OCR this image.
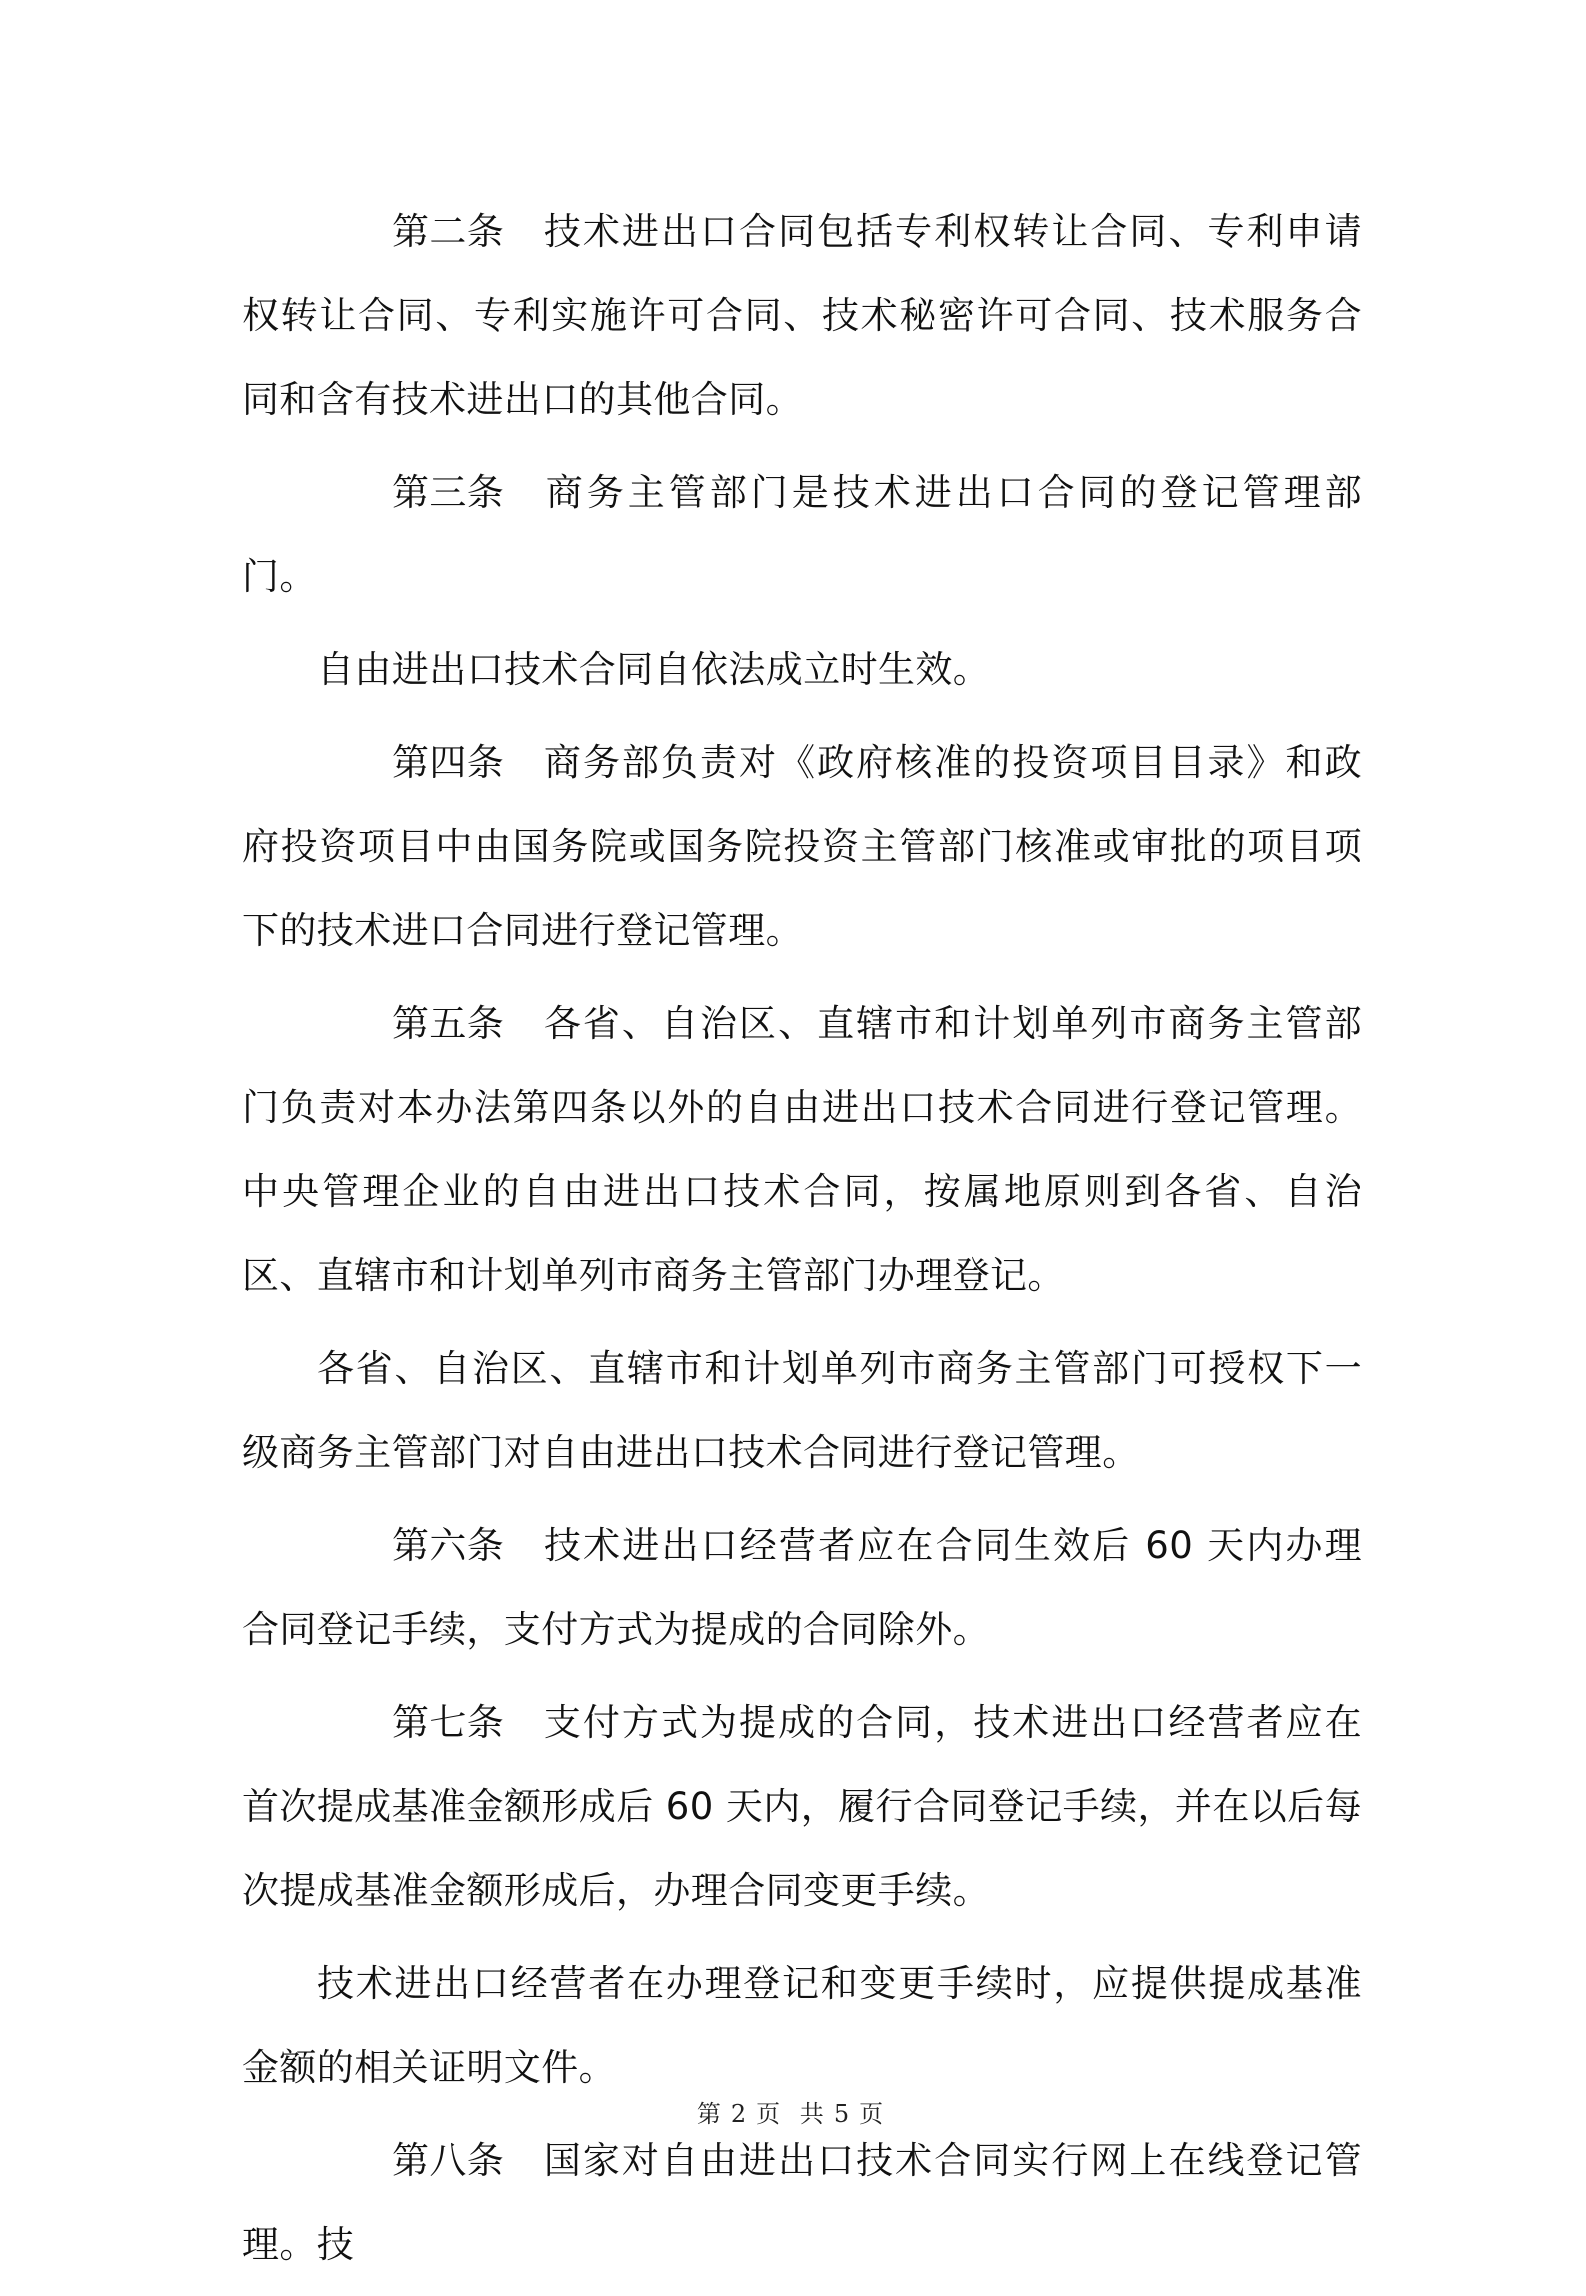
第二条 技术进出口合同包括专利权转让合同、专利申请权转让合同、专利实施许可合同、技术秘密许可合同、技术服务合同和含有技术进出口的其他合同。

第三条 商务主管部门是技术进出口合同的登记管理部门。

自由进出口技术合同自依法成立时生效。

第四条 商务部负责对《政府核准的投资项目目录》和政府投资项目中由国务院或国务院投资主管部门核准或审批的项目项下的技术进口合同进行登记管理。

第五条 各省、自治区、直辖市和计划单列市商务主管部门负责对本办法第四条以外的自由进出口技术合同进行登记管理。中央管理企业的自由进出口技术合同，按属地原则到各省、自治区、直辖市和计划单列市商务主管部门办理登记。

各省、自治区、直辖市和计划单列市商务主管部门可授权下一级商务主管部门对自由进出口技术合同进行登记管理。

第六条 技术进出口经营者应在合同生效后 60 天内办理合同登记手续，支付方式为提成的合同除外。

第七条 支付方式为提成的合同，技术进出口经营者应在首次提成基准金额形成后 60 天内，履行合同登记手续，并在以后每次提成基准金额形成后，办理合同变更手续。

技术进出口经营者在办理登记和变更手续时，应提供提成基准金额的相关证明文件。

第八条 国家对自由进出口技术合同实行网上在线登记管理。技

第 2 页 共 5 页
